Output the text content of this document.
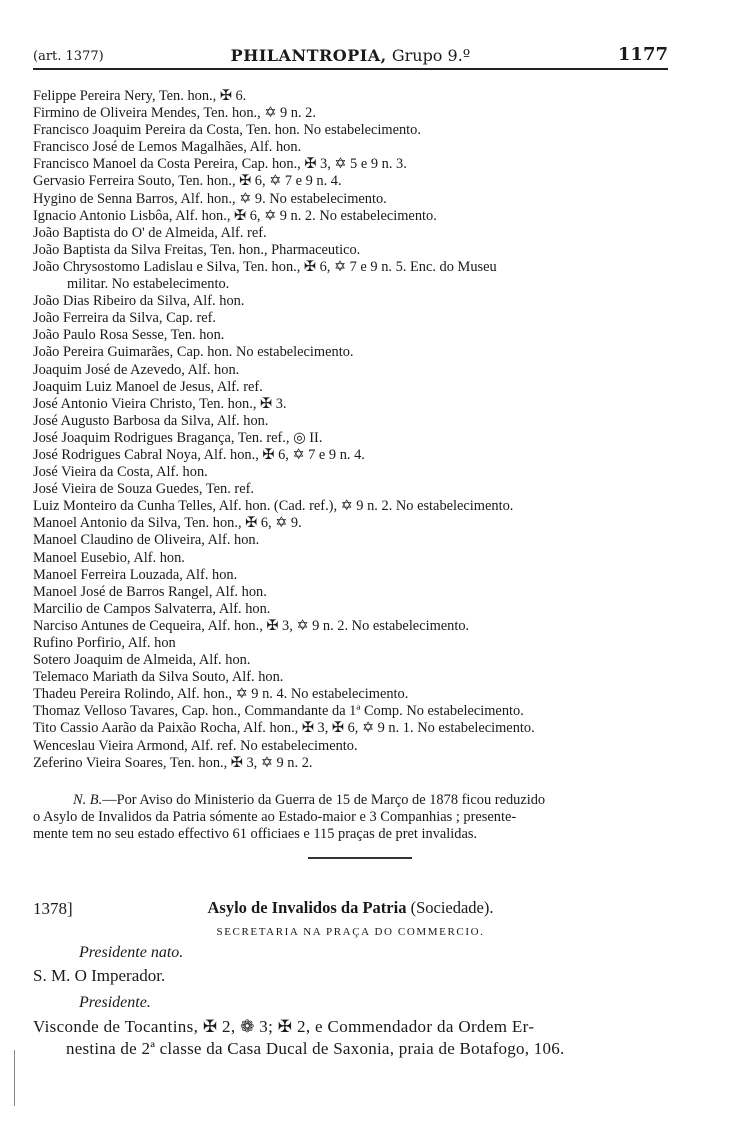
(art. 1377)	PHILANTROPIA, Grupo 9.º	1177
Felippe Pereira Nery, Ten. hon., ✠ 6.
Firmino de Oliveira Mendes, Ten. hon., ✡ 9 n. 2.
Francisco Joaquim Pereira da Costa, Ten. hon. No estabelecimento.
Francisco José de Lemos Magalhães, Alf. hon.
Francisco Manoel da Costa Pereira, Cap. hon., ✠ 3, ✡ 5 e 9 n. 3.
Gervasio Ferreira Souto, Ten. hon., ✠ 6, ✡ 7 e 9 n. 4.
Hygino de Senna Barros, Alf. hon., ✡ 9. No estabelecimento.
Ignacio Antonio Lisbôa, Alf. hon., ✠ 6, ✡ 9 n. 2. No estabelecimento.
João Baptista do O' de Almeida, Alf. ref.
João Baptista da Silva Freitas, Ten. hon., Pharmaceutico.
João Chrysostomo Ladislau e Silva, Ten. hon., ✠ 6, ✡ 7 e 9 n. 5. Enc. do Museu
militar. No estabelecimento.
João Dias Ribeiro da Silva, Alf. hon.
João Ferreira da Silva, Cap. ref.
João Paulo Rosa Sesse, Ten. hon.
João Pereira Guimarães, Cap. hon. No estabelecimento.
Joaquim José de Azevedo, Alf. hon.
Joaquim Luiz Manoel de Jesus, Alf. ref.
José Antonio Vieira Christo, Ten. hon., ✠ 3.
José Augusto Barbosa da Silva, Alf. hon.
José Joaquim Rodrigues Bragança, Ten. ref., ◎ II.
José Rodrigues Cabral Noya, Alf. hon., ✠ 6, ✡ 7 e 9 n. 4.
José Vieira da Costa, Alf. hon.
José Vieira de Souza Guedes, Ten. ref.
Luiz Monteiro da Cunha Telles, Alf. hon. (Cad. ref.), ✡ 9 n. 2. No estabelecimento.
Manoel Antonio da Silva, Ten. hon., ✠ 6, ✡ 9.
Manoel Claudino de Oliveira, Alf. hon.
Manoel Eusebio, Alf. hon.
Manoel Ferreira Louzada, Alf. hon.
Manoel José de Barros Rangel, Alf. hon.
Marcilio de Campos Salvaterra, Alf. hon.
Narciso Antunes de Cequeira, Alf. hon., ✠ 3, ✡ 9 n. 2. No estabelecimento.
Rufino Porfirio, Alf. hon
Sotero Joaquim de Almeida, Alf. hon.
Telemaco Mariath da Silva Souto, Alf. hon.
Thadeu Pereira Rolindo, Alf. hon., ✡ 9 n. 4. No estabelecimento.
Thomaz Velloso Tavares, Cap. hon., Commandante da 1ª Comp. No estabelecimento.
Tito Cassio Aarão da Paixão Rocha, Alf. hon., ✠ 3, ✠ 6, ✡ 9 n. 1. No estabelecimento.
Wenceslau Vieira Armond, Alf. ref. No estabelecimento.
Zeferino Vieira Soares, Ten. hon., ✠ 3, ✡ 9 n. 2.
N. B.—Por Aviso do Ministerio da Guerra de 15 de Março de 1878 ficou reduzido
o Asylo de Invalidos da Patria sómente ao Estado-maior e 3 Companhias ; presente-
mente tem no seu estado effectivo 61 officiaes e 115 praças de pret invalidas.
1378]	Asylo de Invalidos da Patria (Sociedade).
SECRETARIA NA PRAÇA DO COMMERCIO.
Presidente nato.
S. M. O Imperador.
Presidente.
Visconde de Tocantins, ✠ 2, ❁ 3; ✠ 2, e Commendador da Ordem Er-
nestina de 2ª classe da Casa Ducal de Saxonia, praia de Botafogo, 106.
